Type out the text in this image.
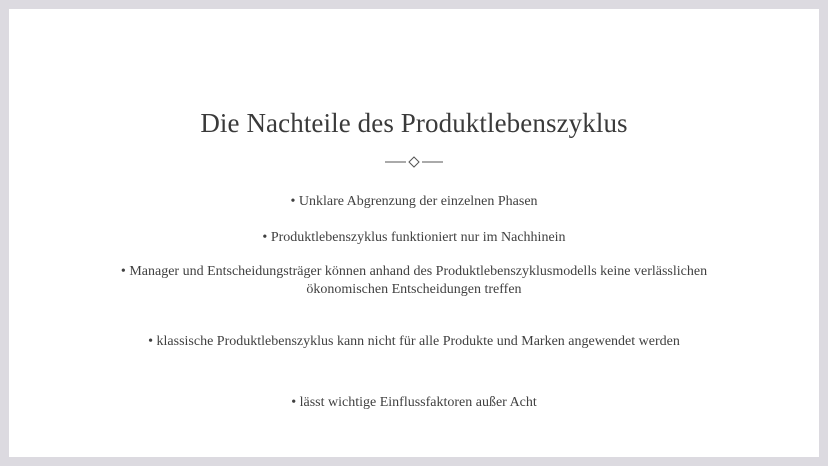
Die Nachteile des Produktlebenszyklus
• Unklare Abgrenzung der einzelnen Phasen
• Produktlebenszyklus funktioniert nur im Nachhinein
• Manager und Entscheidungsträger können anhand des Produktlebenszyklusmodells keine verlässlichen ökonomischen Entscheidungen treffen
• klassische Produktlebenszyklus kann nicht für alle Produkte und Marken angewendet werden
• lässt wichtige Einflussfaktoren außer Acht
